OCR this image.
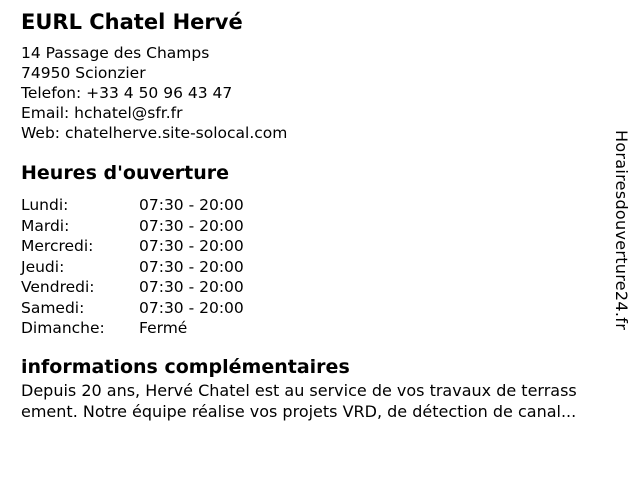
EURL Chatel Hervé
14 Passage des Champs
74950 Scionzier
Telefon: +33 4 50 96 43 47
Email: hchatel@sfr.fr
Web: chatelherve.site-solocal.com
Heures d'ouverture
Lundi:	07:30 - 20:00
Mardi:	07:30 - 20:00
Mercredi:	07:30 - 20:00
Jeudi:	07:30 - 20:00
Vendredi:	07:30 - 20:00
Samedi:	07:30 - 20:00
Dimanche: Fermé
informations complémentaires
Depuis 20 ans, Hervé Chatel est au service de vos travaux de terrass
ement. Notre équipe réalise vos projets VRD, de détection de canal...
Horairesdouverture24.fr
